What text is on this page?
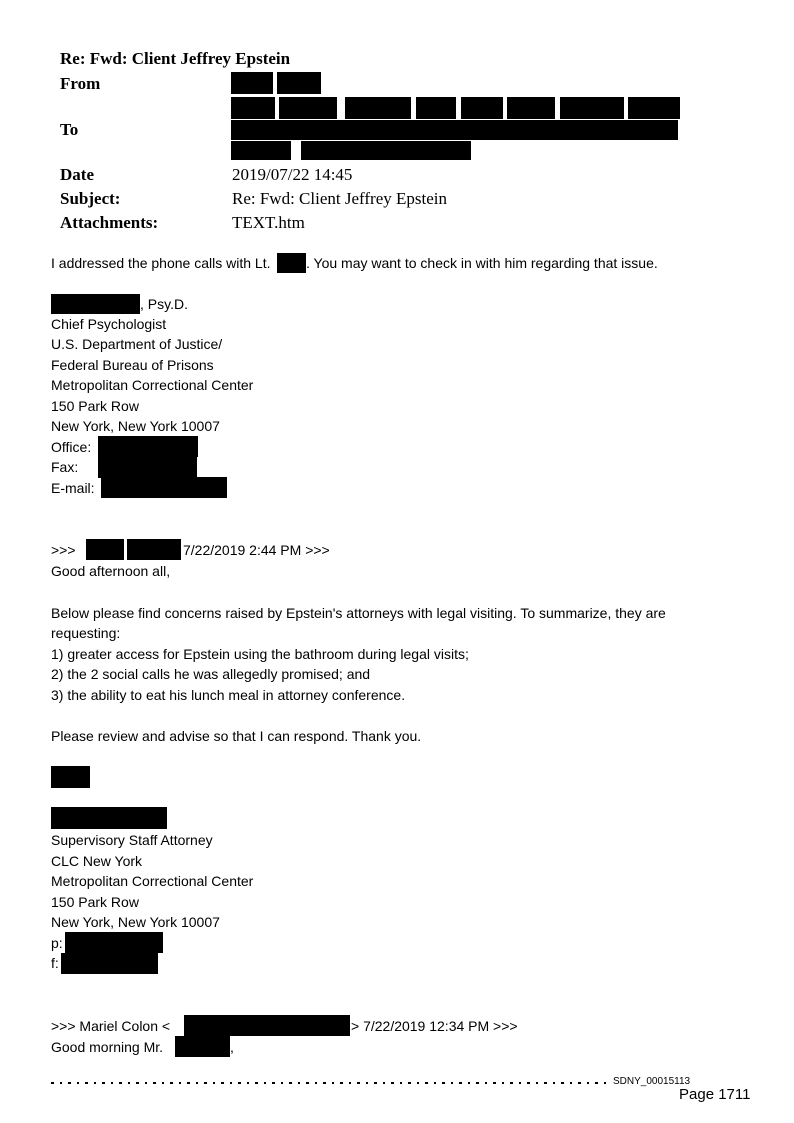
Re: Fwd: Client Jeffrey Epstein
From
To
Date	2019/07/22 14:45
Subject:	Re: Fwd: Client Jeffrey Epstein
Attachments:	TEXT.htm
I addressed the phone calls with Lt.	. You may want to check in with him regarding that issue.
, Psy.D.
Chief Psychologist
U.S. Department of Justice/
Federal Bureau of Prisons
Metropolitan Correctional Center
150 Park Row
New York, New York 10007
Office:
Fax:
E-mail:
>>>	7/22/2019 2:44 PM >>>
Good afternoon all,
Below please find concerns raised by Epstein's attorneys with legal visiting. To summarize, they are
requesting:
1) greater access for Epstein using the bathroom during legal visits;
2) the 2 social calls he was allegedly promised; and
3) the ability to eat his lunch meal in attorney conference.
Please review and advise so that I can respond. Thank you.
Supervisory Staff Attorney
CLC New York
Metropolitan Correctional Center
150 Park Row
New York, New York 10007
p:
f:
>>> Mariel Colon <	> 7/22/2019 12:34 PM >>>
Good morning Mr.	,
SDNY_00015113
Page 1711
